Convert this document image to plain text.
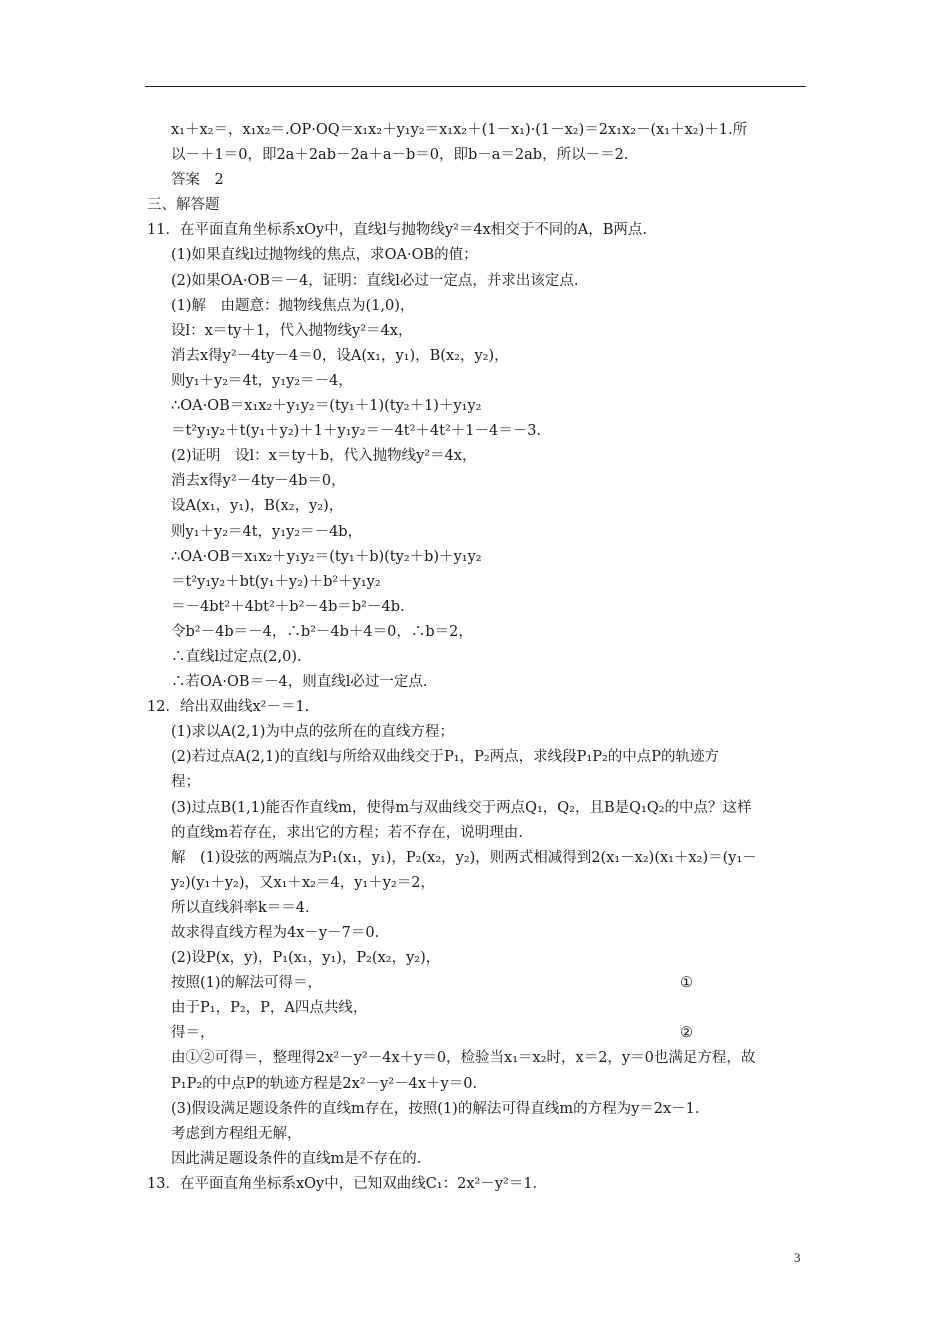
x₁＋x₂＝，x₁x₂＝.OP·OQ＝x₁x₂＋y₁y₂＝x₁x₂＋(1－x₁)·(1－x₂)＝2x₁x₂－(x₁＋x₂)＋1.所
以－＋1＝0，即2a＋2ab－2a＋a－b＝0，即b－a＝2ab，所以－＝2.
答案　2
三、解答题
11．在平面直角坐标系xOy中，直线l与抛物线y²＝4x相交于不同的A，B两点.
(1)如果直线l过抛物线的焦点，求OA·OB的值；
(2)如果OA·OB＝－4，证明：直线l必过一定点，并求出该定点.
(1)解　由题意：抛物线焦点为(1,0)，
设l：x＝ty＋1，代入抛物线y²＝4x，
消去x得y²－4ty－4＝0，设A(x₁，y₁)，B(x₂，y₂)，
则y₁＋y₂＝4t，y₁y₂＝－4，
∴OA·OB＝x₁x₂＋y₁y₂＝(ty₁＋1)(ty₂＋1)＋y₁y₂
＝t²y₁y₂＋t(y₁＋y₂)＋1＋y₁y₂＝－4t²＋4t²＋1－4＝－3.
(2)证明　设l：x＝ty＋b，代入抛物线y²＝4x，
消去x得y²－4ty－4b＝0，
设A(x₁，y₁)，B(x₂，y₂)，
则y₁＋y₂＝4t，y₁y₂＝－4b，
∴OA·OB＝x₁x₂＋y₁y₂＝(ty₁＋b)(ty₂＋b)＋y₁y₂
＝t²y₁y₂＋bt(y₁＋y₂)＋b²＋y₁y₂
＝－4bt²＋4bt²＋b²－4b＝b²－4b.
令b²－4b＝－4，∴b²－4b＋4＝0，∴b＝2，
∴直线l过定点(2,0).
∴若OA·OB＝－4，则直线l必过一定点.
12．给出双曲线x²－＝1.
(1)求以A(2,1)为中点的弦所在的直线方程；
(2)若过点A(2,1)的直线l与所给双曲线交于P₁，P₂两点，求线段P₁P₂的中点P的轨迹方
程；
(3)过点B(1,1)能否作直线m，使得m与双曲线交于两点Q₁，Q₂，且B是Q₁Q₂的中点？这样
的直线m若存在，求出它的方程；若不存在，说明理由.
解　(1)设弦的两端点为P₁(x₁，y₁)，P₂(x₂，y₂)，则两式相减得到2(x₁－x₂)(x₁＋x₂)＝(y₁－
y₂)(y₁＋y₂)，又x₁＋x₂＝4，y₁＋y₂＝2，
所以直线斜率k＝＝4.
故求得直线方程为4x－y－7＝0.
(2)设P(x，y)，P₁(x₁，y₁)，P₂(x₂，y₂)，
按照(1)的解法可得＝，	①
由于P₁，P₂，P，A四点共线，
得＝，	②
由①②可得＝，整理得2x²－y²－4x＋y＝0，检验当x₁＝x₂时，x＝2，y＝0也满足方程，故
P₁P₂的中点P的轨迹方程是2x²－y²－4x＋y＝0.
(3)假设满足题设条件的直线m存在，按照(1)的解法可得直线m的方程为y＝2x－1.
考虑到方程组无解，
因此满足题设条件的直线m是不存在的.
13．在平面直角坐标系xOy中，已知双曲线C₁：2x²－y²＝1.
3
